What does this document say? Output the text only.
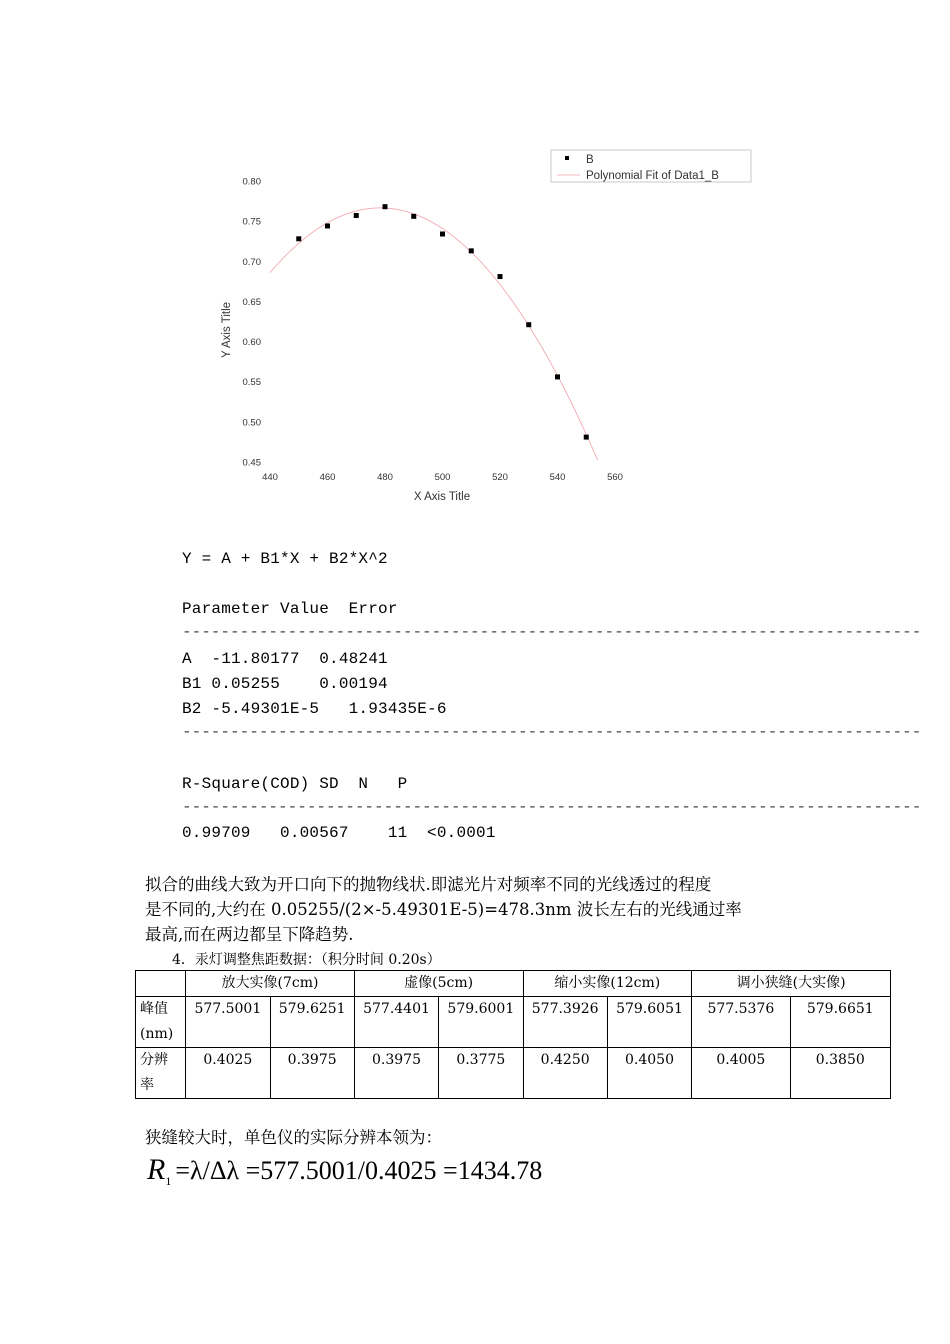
0.45
0.50
0.55
0.60
0.65
0.70
0.75
0.80
440	460	480	500	520	540	560
X Axis Title
Y Axis Title
B
Polynomial Fit of Data1_B
Y = A + B1*X + B2*X^2
Parameter Value  Error
-----------------------------------------------------------------------------
A  -11.80177  0.48241
B1 0.05255    0.00194
B2 -5.49301E-5   1.93435E-6
-----------------------------------------------------------------------------
R-Square(COD) SD  N   P
-----------------------------------------------------------------------------
0.99709   0.00567    11  <0.0001
拟合的曲线大致为开口向下的抛物线状.即滤光片对频率不同的光线透过的程度
是不同的,大约在 0.05255/(2×-5.49301E-5)=478.3nm 波长左右的光线通过率
最高,而在两边都呈下降趋势.
4．汞灯调整焦距数据：（积分时间 0.20s）
	放大实像(7cm)		虚像(5cm)		缩小实像(12cm)		调小狭缝(大实像)	
峰值
(nm)	577.5001	579.6251	577.4401	579.6001	577.3926	579.6051	577.5376	579.6651
分辨
率	0.4025	0.3975	0.3975	0.3775	0.4250	0.4050	0.4005	0.3850
狭缝较大时，单色仪的实际分辨本领为：
$R_1 =\lambda/\Delta\lambda =577.5001/0.4025 =1434.78$
